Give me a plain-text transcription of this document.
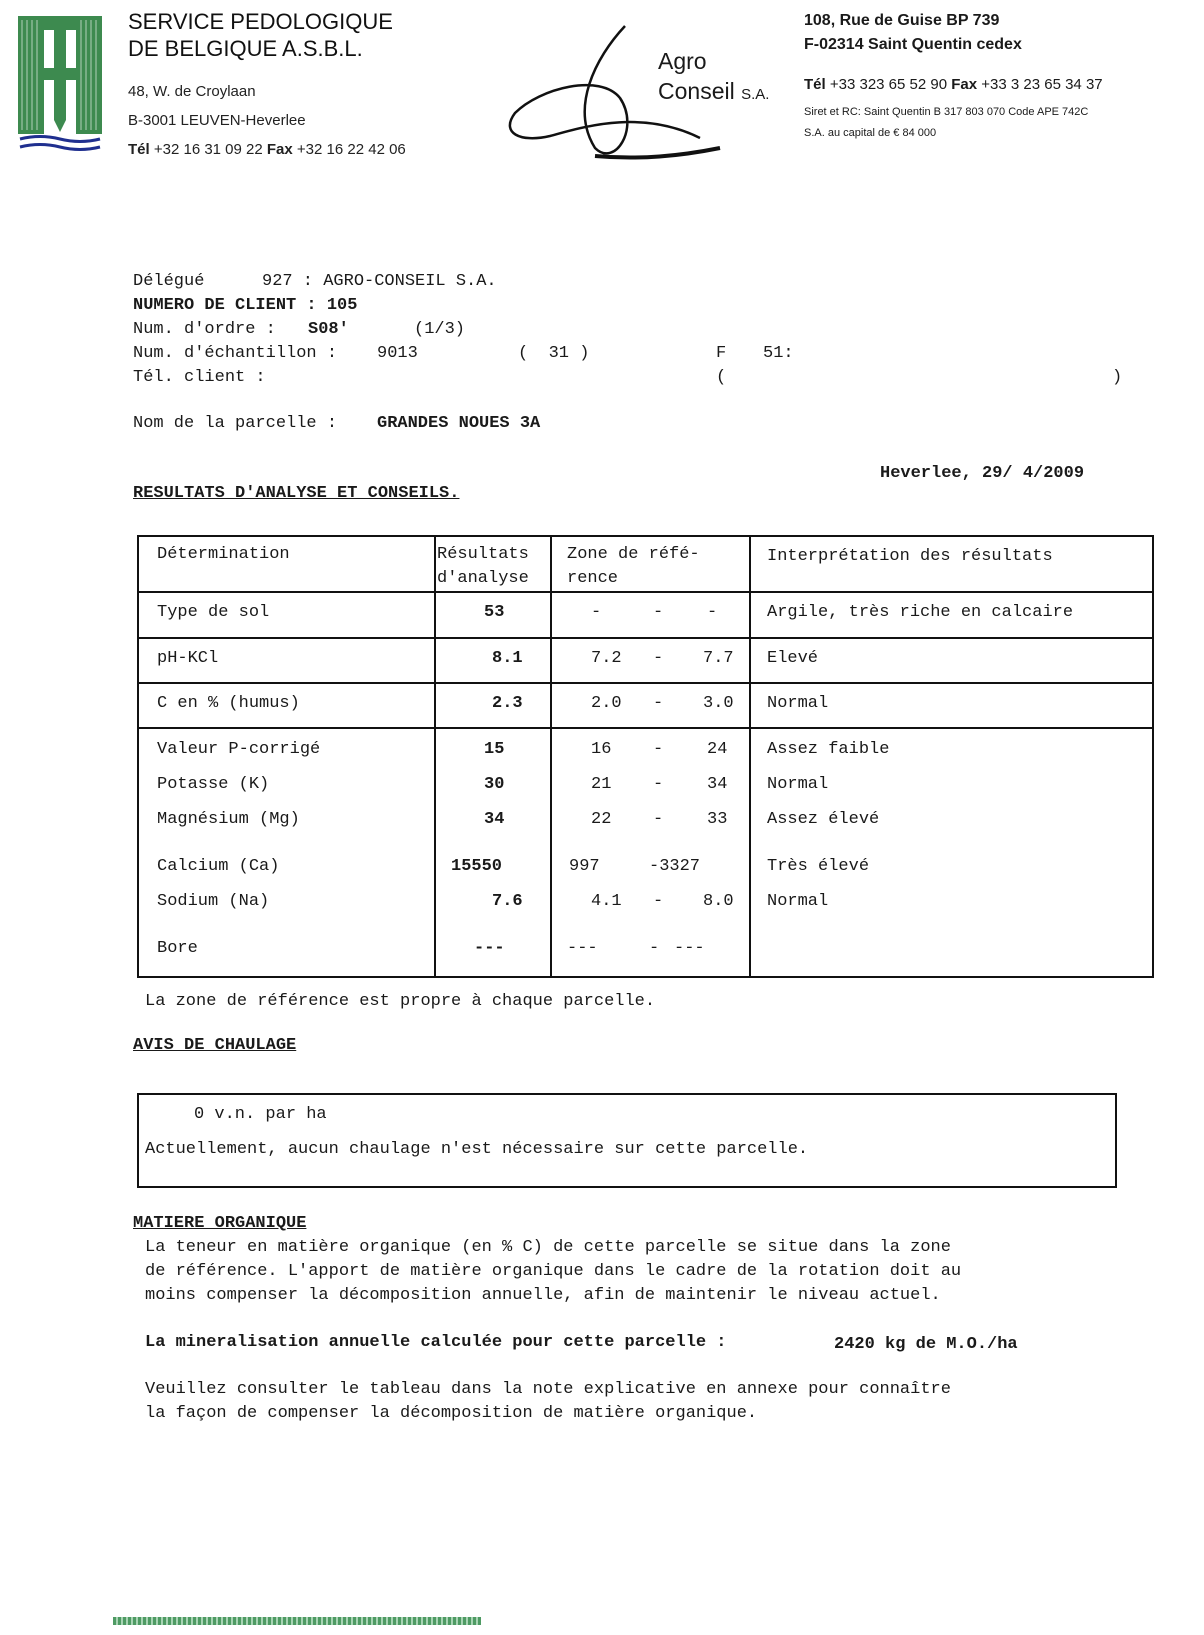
SERVICE PEDOLOGIQUE
DE BELGIQUE A.S.B.L.
48, W. de Croylaan
B-3001 LEUVEN-Heverlee
Tél +32 16 31 09 22 Fax +32 16 22 42 06
Agro
Conseil S.A.
108, Rue de Guise BP 739
F-02314 Saint Quentin cedex
Tél +33 323 65 52 90 Fax +33 3 23 65 34 37
Siret et RC: Saint Quentin B 317 803 070 Code APE 742C
S.A. au capital de € 84 000
Délégué	927 : AGRO-CONSEIL S.A.
NUMERO DE CLIENT : 105
Num. d'ordre : S08'	(1/3)
Num. d'échantillon : 9013	(  31 )	F 51:
Tél. client :	(	)
Nom de la parcelle : GRANDES NOUES 3A
Heverlee, 29/ 4/2009
RESULTATS D'ANALYSE ET CONSEILS.
Détermination	Résultats
d'analyse
Zone de réfé-
rence
Interprétation des résultats
Type de sol	53	-	-	-	Argile, très riche en calcaire
pH-KCl	8.1	7.2 - 7.7 Elevé
C en % (humus)	2.3	2.0 - 3.0 Normal
Valeur P-corrigé	15	16 -	24 Assez faible
Potasse (K)	30	21 -	34 Normal
Magnésium (Mg)	34	22 -	33 Assez élevé
Calcium (Ca)	15550	997	-3327	Très élevé
Sodium (Na)	7.6	4.1 - 8.0 Normal
Bore	---	---	- ---
La zone de référence est propre à chaque parcelle.
AVIS DE CHAULAGE
0 v.n. par ha
Actuellement, aucun chaulage n'est nécessaire sur cette parcelle.
MATIERE ORGANIQUE
La teneur en matière organique (en % C) de cette parcelle se situe dans la zone
de référence. L'apport de matière organique dans le cadre de la rotation doit au
moins compenser la décomposition annuelle, afin de maintenir le niveau actuel.
La mineralisation annuelle calculée pour cette parcelle :	2420 kg de M.O./ha
Veuillez consulter le tableau dans la note explicative en annexe pour connaître
la façon de compenser la décomposition de matière organique.
